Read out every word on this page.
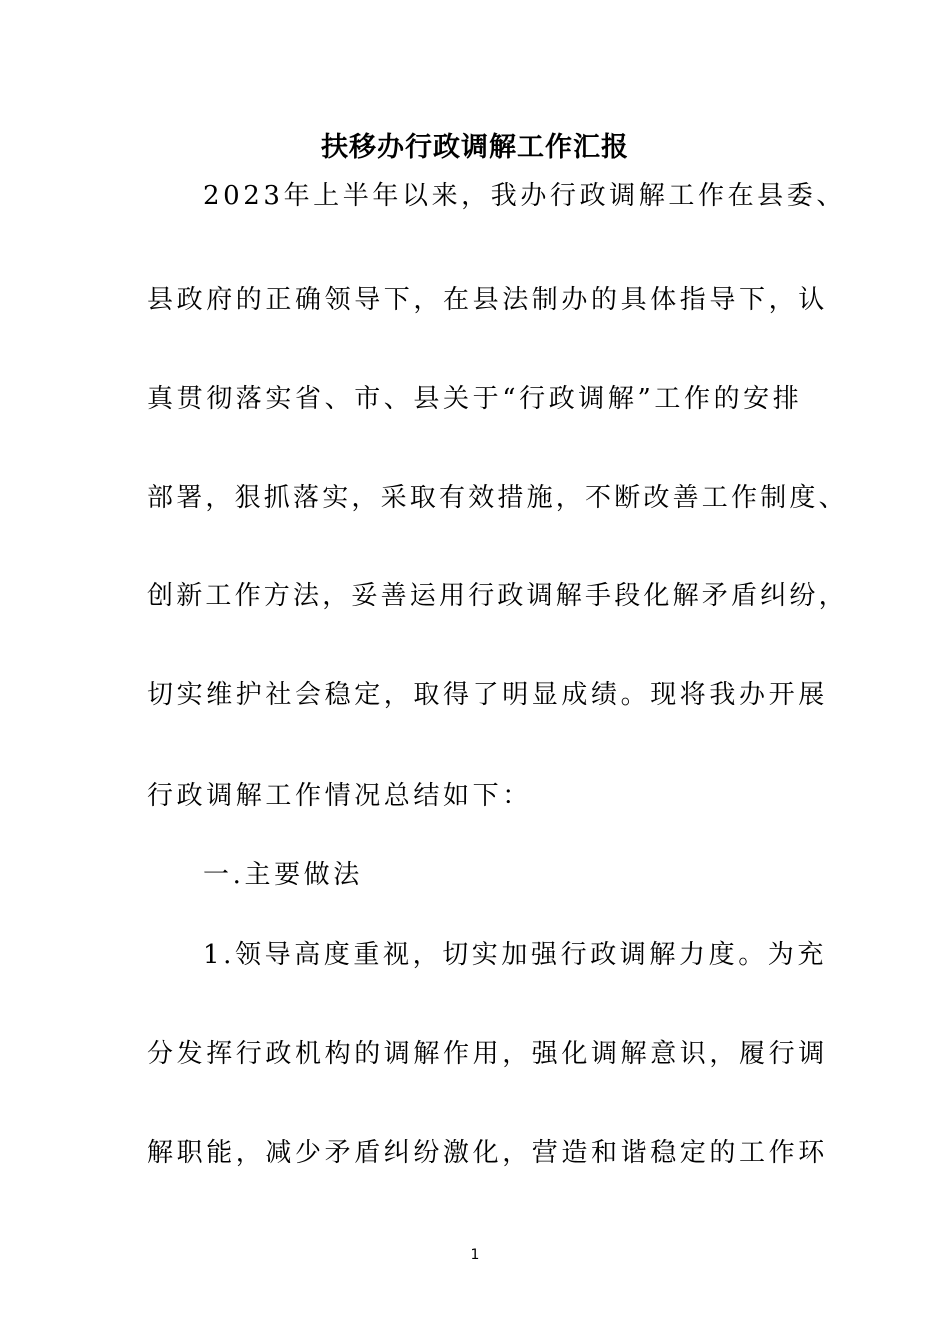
扶移办行政调解工作汇报
2023年上半年以来，我办行政调解工作在县委、
县政府的正确领导下，在县法制办的具体指导下，认
真贯彻落实省、市、县关于“行政调解”工作的安排
部署，狠抓落实，采取有效措施，不断改善工作制度、
创新工作方法，妥善运用行政调解手段化解矛盾纠纷，
切实维护社会稳定，取得了明显成绩。现将我办开展
行政调解工作情况总结如下：
一.主要做法
1.领导高度重视，切实加强行政调解力度。为充
分发挥行政机构的调解作用，强化调解意识，履行调
解职能，减少矛盾纠纷激化，营造和谐稳定的工作环
1
